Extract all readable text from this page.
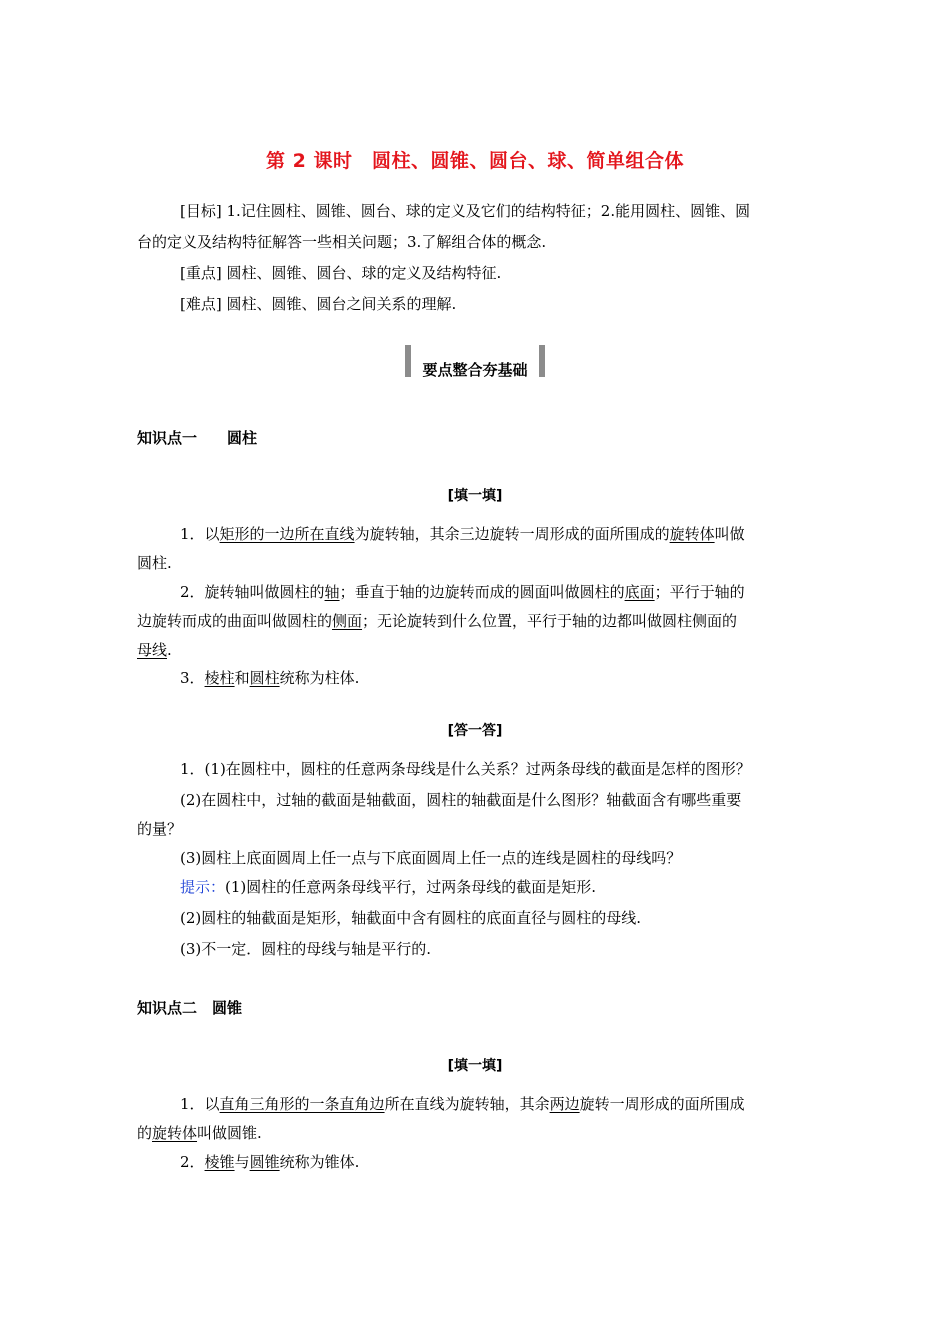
第 2 课时　圆柱、圆锥、圆台、球、简单组合体
[目标] 1.记住圆柱、圆锥、圆台、球的定义及它们的结构特征；2.能用圆柱、圆锥、圆
台的定义及结构特征解答一些相关问题；3.了解组合体的概念.
[重点] 圆柱、圆锥、圆台、球的定义及结构特征.
[难点] 圆柱、圆锥、圆台之间关系的理解.
要点整合夯基础
知识点一　　圆柱
[填一填]
1．以矩形的一边所在直线为旋转轴，其余三边旋转一周形成的面所围成的旋转体叫做
圆柱.
2．旋转轴叫做圆柱的轴；垂直于轴的边旋转而成的圆面叫做圆柱的底面；平行于轴的
边旋转而成的曲面叫做圆柱的侧面；无论旋转到什么位置，平行于轴的边都叫做圆柱侧面的
母线.
3．棱柱和圆柱统称为柱体.
[答一答]
1．(1)在圆柱中，圆柱的任意两条母线是什么关系？过两条母线的截面是怎样的图形？
(2)在圆柱中，过轴的截面是轴截面，圆柱的轴截面是什么图形？轴截面含有哪些重要
的量？
(3)圆柱上底面圆周上任一点与下底面圆周上任一点的连线是圆柱的母线吗？
提示：(1)圆柱的任意两条母线平行，过两条母线的截面是矩形.
(2)圆柱的轴截面是矩形，轴截面中含有圆柱的底面直径与圆柱的母线.
(3)不一定．圆柱的母线与轴是平行的.
知识点二　圆锥
[填一填]
1．以直角三角形的一条直角边所在直线为旋转轴，其余两边旋转一周形成的面所围成
的旋转体叫做圆锥.
2．棱锥与圆锥统称为锥体.
